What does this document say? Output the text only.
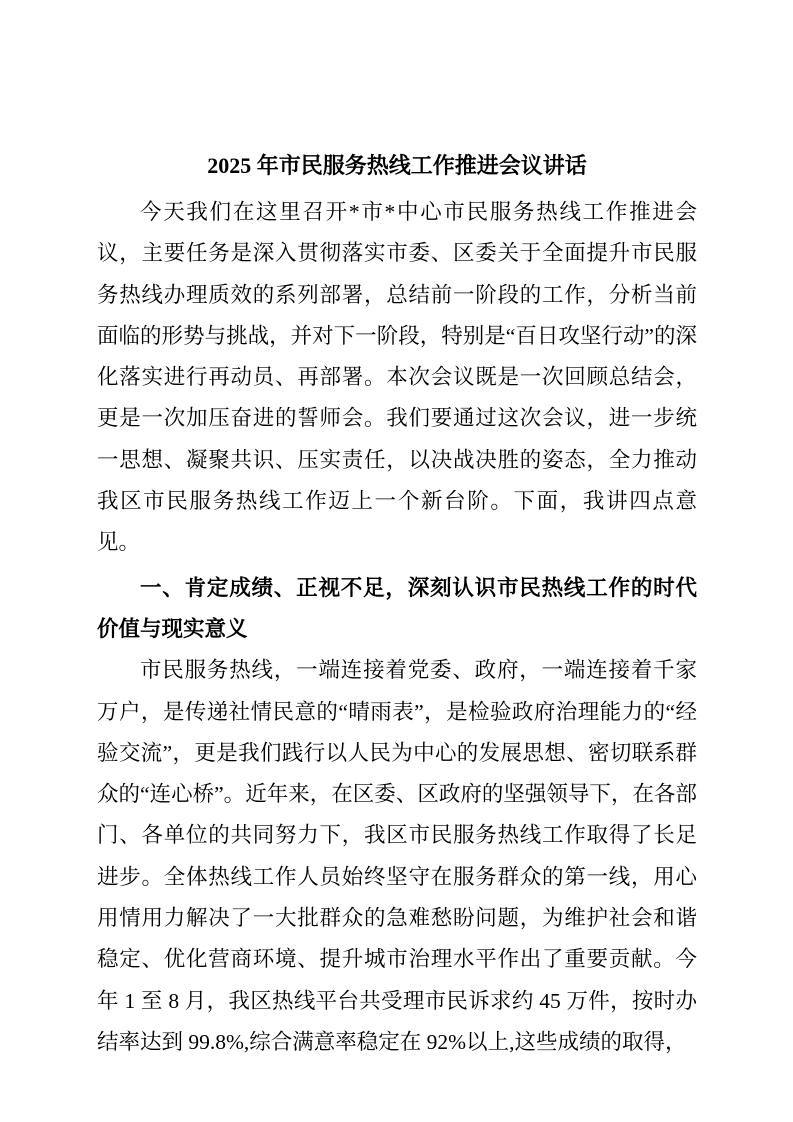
2025 年市民服务热线工作推进会议讲话

今天我们在这里召开*市*中心市民服务热线工作推进会议，主要任务是深入贯彻落实市委、区委关于全面提升市民服务热线办理质效的系列部署，总结前一阶段的工作，分析当前面临的形势与挑战，并对下一阶段，特别是“百日攻坚行动”的深化落实进行再动员、再部署。本次会议既是一次回顾总结会，更是一次加压奋进的誓师会。我们要通过这次会议，进一步统一思想、凝聚共识、压实责任，以决战决胜的姿态，全力推动我区市民服务热线工作迈上一个新台阶。下面，我讲四点意见。

一、肯定成绩、正视不足，深刻认识市民热线工作的时代价值与现实意义

市民服务热线，一端连接着党委、政府，一端连接着千家万户，是传递社情民意的“晴雨表”，是检验政府治理能力的“经验交流”，更是我们践行以人民为中心的发展思想、密切联系群众的“连心桥”。近年来，在区委、区政府的坚强领导下，在各部门、各单位的共同努力下，我区市民服务热线工作取得了长足进步。全体热线工作人员始终坚守在服务群众的第一线，用心用情用力解决了一大批群众的急难愁盼问题，为维护社会和谐稳定、优化营商环境、提升城市治理水平作出了重要贡献。今年 1 至 8 月，我区热线平台共受理市民诉求约 45 万件，按时办结率达到 99.8%,综合满意率稳定在 92%以上,这些成绩的取得，
